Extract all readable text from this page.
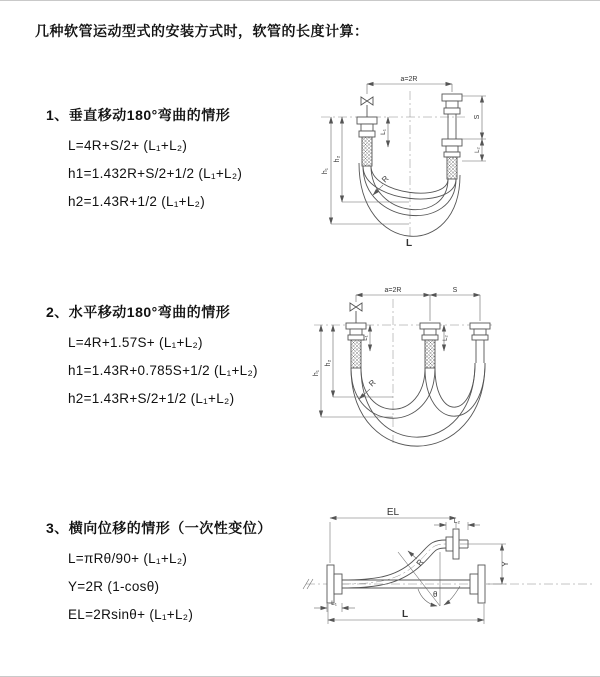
几种软管运动型式的安装方式时，软管的长度计算：
1、垂直移动180°弯曲的情形
L=4R+S/2+ (L₁+L₂)
h1=1.432R+S/2+1/2 (L₁+L₂)
h2=1.43R+1/2 (L₁+L₂)
2、水平移动180°弯曲的情形
L=4R+1.57S+ (L₁+L₂)
h1=1.43R+0.785S+1/2 (L₁+L₂)
h2=1.43R+S/2+1/2 (L₁+L₂)
3、横向位移的情形（一次性变位）
L=πRθ/90+ (L₁+L₂)
Y=2R (1-cosθ)
EL=2Rsinθ+ (L₁+L₂)
a=2R
h₁
h₂
L₁
S
L₂
R
L
a=2R	S
h₁
h₂
L₁	L₂
R
EL
L₂
Y
L
L₁
θ
R
